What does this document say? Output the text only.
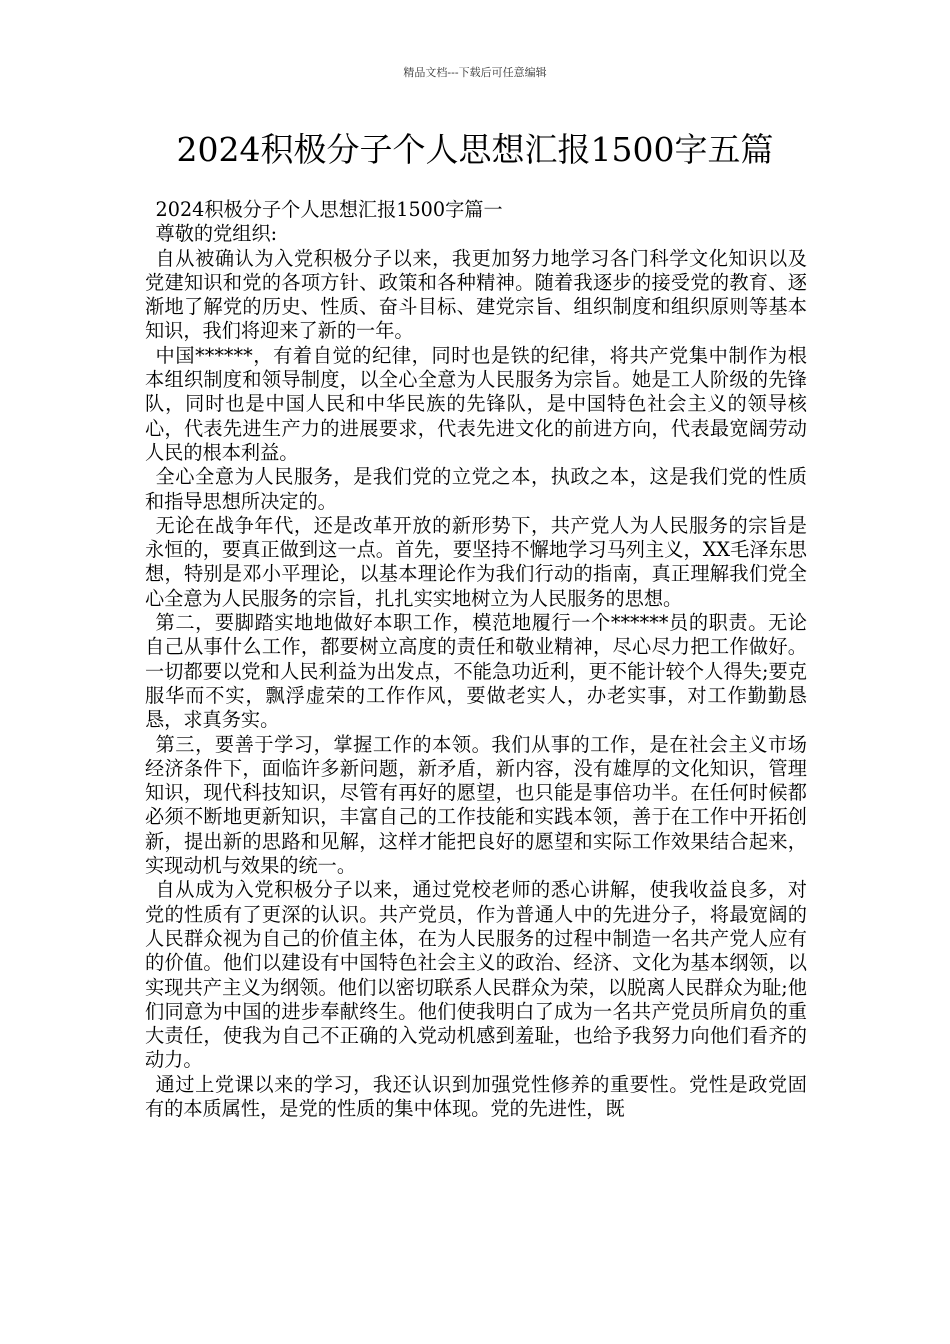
精品文档---下载后可任意编辑
2024积极分子个人思想汇报1500字五篇

2024积极分子个人思想汇报1500字篇一

尊敬的党组织:

自从被确认为入党积极分子以来，我更加努力地学习各门科学文化知识以及党建知识和党的各项方针、政策和各种精神。随着我逐步的接受党的教育、逐渐地了解党的历史、性质、奋斗目标、建党宗旨、组织制度和组织原则等基本知识，我们将迎来了新的一年。

中国******，有着自觉的纪律，同时也是铁的纪律，将共产党集中制作为根本组织制度和领导制度，以全心全意为人民服务为宗旨。她是工人阶级的先锋队，同时也是中国人民和中华民族的先锋队，是中国特色社会主义的领导核心，代表先进生产力的进展要求，代表先进文化的前进方向，代表最宽阔劳动人民的根本利益。

全心全意为人民服务，是我们党的立党之本，执政之本，这是我们党的性质和指导思想所决定的。

无论在战争年代，还是改革开放的新形势下，共产党人为人民服务的宗旨是永恒的，要真正做到这一点。首先，要坚持不懈地学习马列主义，XX毛泽东思想，特别是邓小平理论，以基本理论作为我们行动的指南，真正理解我们党全心全意为人民服务的宗旨，扎扎实实地树立为人民服务的思想。

第二，要脚踏实地地做好本职工作，模范地履行一个******员的职责。无论自己从事什么工作，都要树立高度的责任和敬业精神，尽心尽力把工作做好。一切都要以党和人民利益为出发点，不能急功近利，更不能计较个人得失;要克服华而不实，飘浮虚荣的工作作风，要做老实人，办老实事，对工作勤勤恳恳，求真务实。

第三，要善于学习，掌握工作的本领。我们从事的工作，是在社会主义市场经济条件下，面临许多新问题，新矛盾，新内容，没有雄厚的文化知识，管理知识，现代科技知识，尽管有再好的愿望，也只能是事倍功半。在任何时候都必须不断地更新知识，丰富自己的工作技能和实践本领，善于在工作中开拓创新，提出新的思路和见解，这样才能把良好的愿望和实际工作效果结合起来，实现动机与效果的统一。

自从成为入党积极分子以来，通过党校老师的悉心讲解，使我收益良多，对党的性质有了更深的认识。共产党员，作为普通人中的先进分子，将最宽阔的人民群众视为自己的价值主体，在为人民服务的过程中制造一名共产党人应有的价值。他们以建设有中国特色社会主义的政治、经济、文化为基本纲领，以实现共产主义为纲领。他们以密切联系人民群众为荣，以脱离人民群众为耻;他们同意为中国的进步奉献终生。他们使我明白了成为一名共产党员所肩负的重大责任，使我为自己不正确的入党动机感到羞耻，也给予我努力向他们看齐的动力。

通过上党课以来的学习，我还认识到加强党性修养的重要性。党性是政党固有的本质属性，是党的性质的集中体现。党的先进性，既
